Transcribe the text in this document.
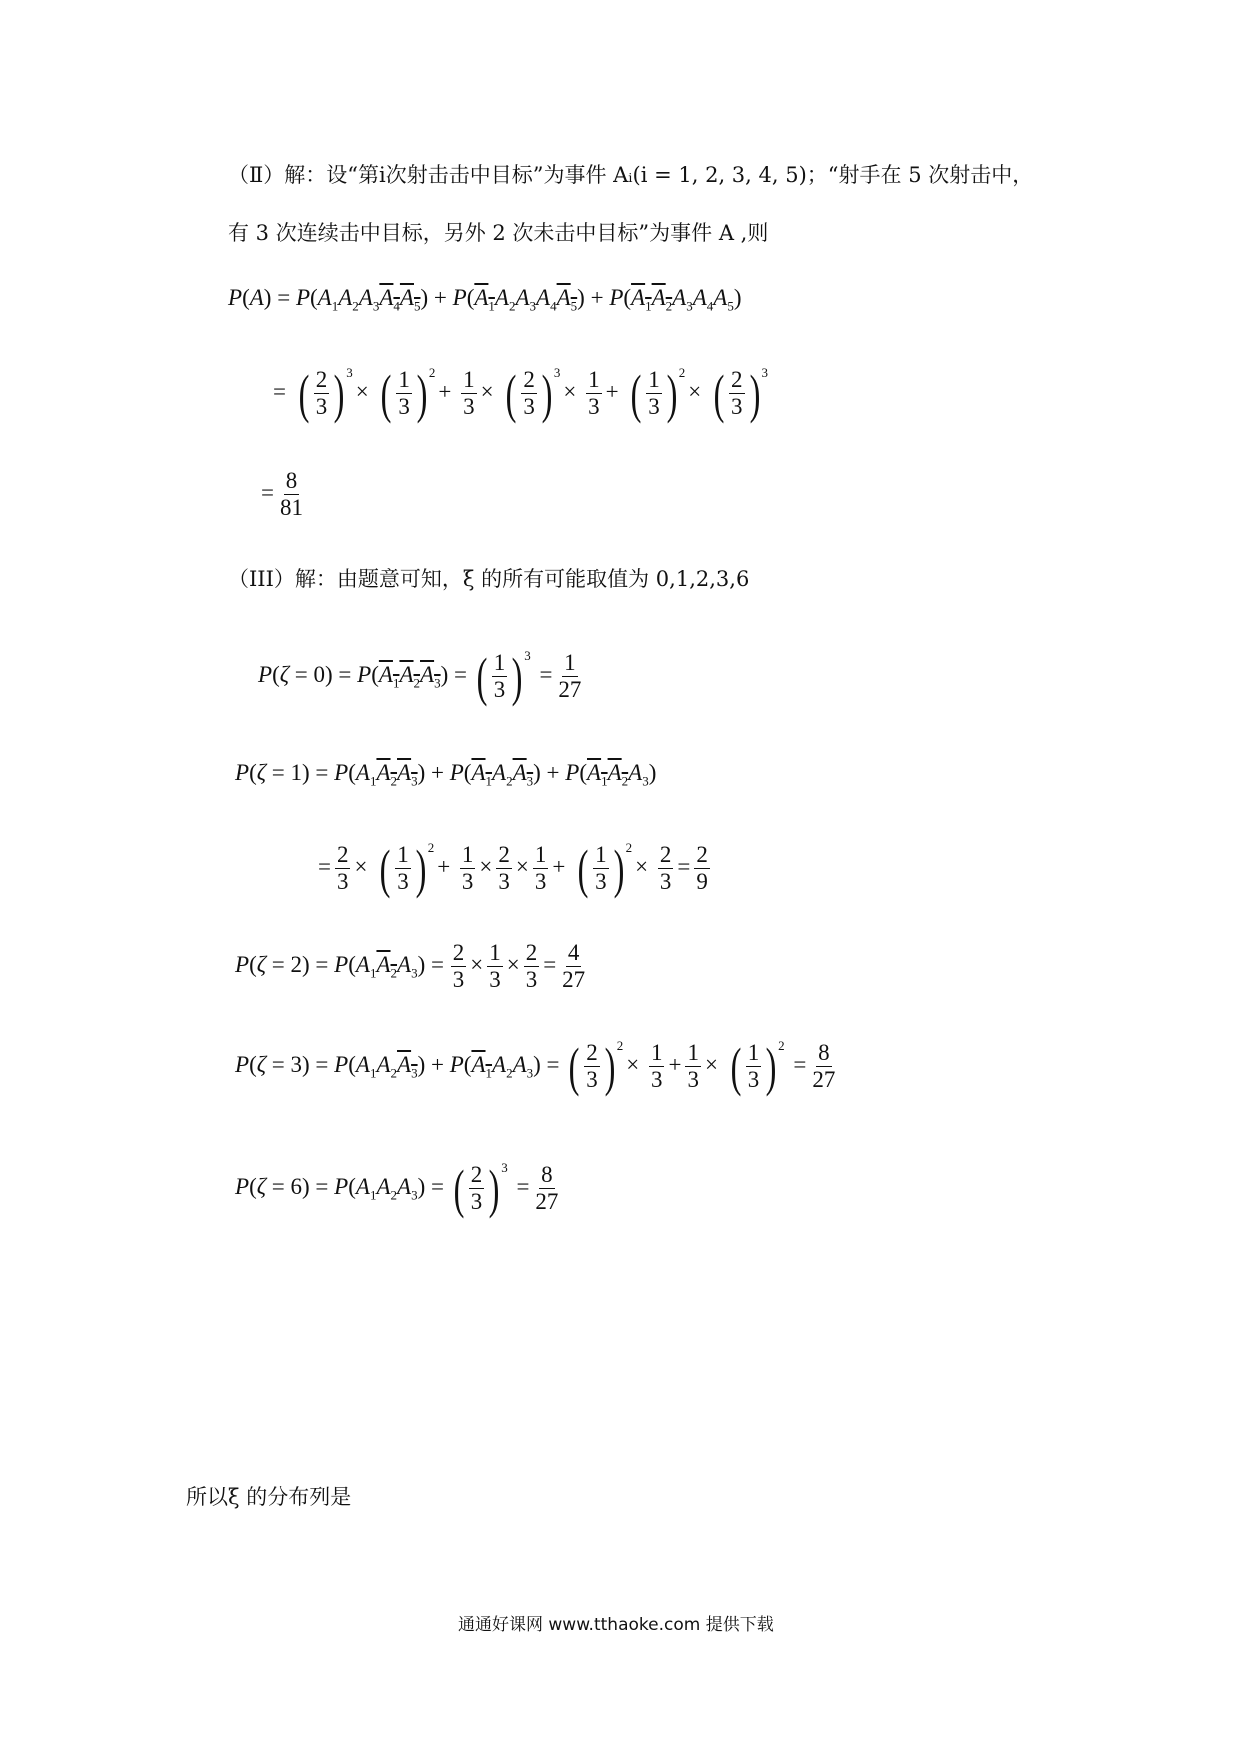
（Ⅱ）解：设“第i次射击击中目标”为事件 Aᵢ(i = 1, 2, 3, 4, 5)；“射手在 5 次射击中，
有 3 次连续击中目标，另外 2 次未击中目标”为事件 A ,则
$P(A) = P(A_1A_2A_3A_4A_5) + P(A_1A_2A_3A_4A_5) + P(A_1A_2A_3A_4A_5)$
= ( $\frac{2}{3}$ ) $^3$× ( $\frac{1}{3}$ ) $^2+ \frac{1}{3}$ × ( $\frac{2}{3}$ ) $^3\times \frac{1}{3}$ + ( $\frac{1}{3}$ ) $^2$× ( $\frac{2}{3}$ ) $^3$
= $\frac{8}{81}$
（III）解：由题意可知，ξ 的所有可能取值为 0,1,2,3,6
$P(\zeta = 0) = P(A_1A_2A_3)$ = ( $\frac{1}{3}$ ) $^3 = \frac{1}{27}$
$P(\zeta = 1) = P(A_1A_2A_3) + P(A_1A_2A_3) + P(A_1A_2A_3)$
= $\frac{2}{3}$ × ( $\frac{1}{3}$ ) $^2+ \frac{1}{3} \times \frac{2}{3} \times \frac{1}{3}$ + ( $\frac{1}{3}$ ) $^2\times \frac{2}{3} = \frac{2}{9}$
$P(\zeta = 2) = P(A_1A_2A_3) = \frac{2}{3} \times \frac{1}{3} \times \frac{2}{3} = \frac{4}{27}$
$P(\zeta = 3) = P(A_1A_2A_3) + P(A_1A_2A_3)$ = ( $\frac{2}{3}$ ) $^2\times \frac{1}{3} + \frac{1}{3}$ × ( $\frac{1}{3}$ ) $^2 = \frac{8}{27}$
$P(\zeta = 6) = P(A_1A_2A_3)$ = ( $\frac{2}{3}$ ) $^3 = \frac{8}{27}$
所以ξ 的分布列是
通通好课网 www.tthaoke.com 提供下载
